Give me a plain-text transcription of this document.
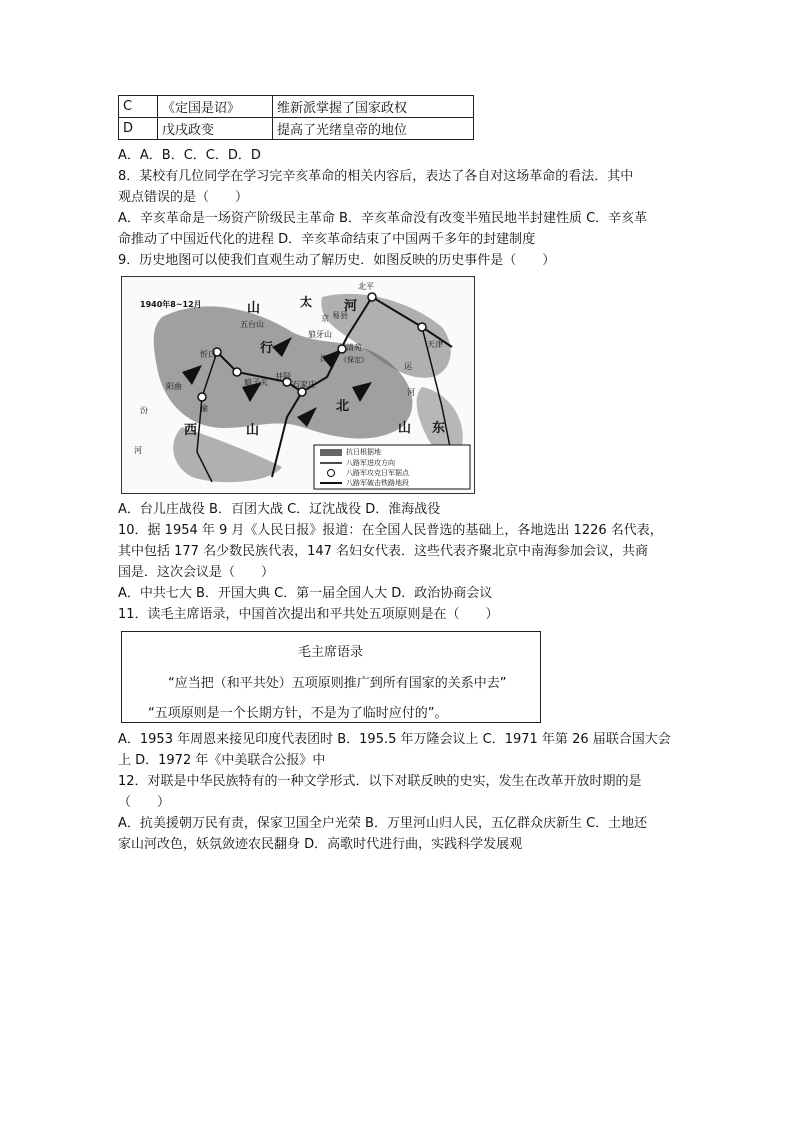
C	《定国是诏》	维新派掌握了国家政权
D	戊戌政变	提高了光绪皇帝的地位
A．A．B．C．C．D．D
8．某校有几位同学在学习完辛亥革命的相关内容后，表达了各自对这场革命的看法．其中
观点错误的是（　　）
A．辛亥革命是一场资产阶级民主革命 B．辛亥革命没有改变半殖民地半封建性质 C．辛亥革
命推动了中国近代化的进程 D．辛亥革命结束了中国两千多年的封建制度
9．历史地图可以使我们直观生动了解历史．如图反映的历史事件是（　　）
A．台儿庄战役 B．百团大战 C．辽沈战役 D．淮海战役
10．据 1954 年 9 月《人民日报》报道：在全国人民普选的基础上，各地选出 1226 名代表，
其中包括 177 名少数民族代表，147 名妇女代表．这些代表齐聚北京中南海参加会议，共商
国是．这次会议是（　　）
A．中共七大 B．开国大典 C．第一届全国人大 D．政治协商会议
11．读毛主席语录，中国首次提出和平共处五项原则是在（　　）
A．1953 年周恩来接见印度代表团时 B．195.5 年万隆会议上 C．1971 年第 26 届联合国大会
上 D．1972 年《中美联合公报》中
12．对联是中华民族特有的一种文学形式．以下对联反映的史实，发生在改革开放时期的是
（　　）
A．抗美援朝万民有责，保家卫国全户光荣 B．万里河山归人民，五亿群众庆新生 C．土地还
家山河改色，妖氛敛迹农民翻身 D．高歌时代进行曲，实践科学发展观
1940年8~12月	山	太 河
北平
易县
五台山
行
狼牙山
忻口
清苑
《保定》
天津
阳曲	娘子关
井陉
石家庄
汾	榆
西	山
北
山 东
河
京
汉
运
河
抗日根据地
八路军进攻方向
八路军攻克日军据点
八路军破击铁路地段
毛主席语录
“应当把（和平共处）五项原则推广到所有国家的关系中去”
“五项原则是一个长期方针，不是为了临时应付的”。
